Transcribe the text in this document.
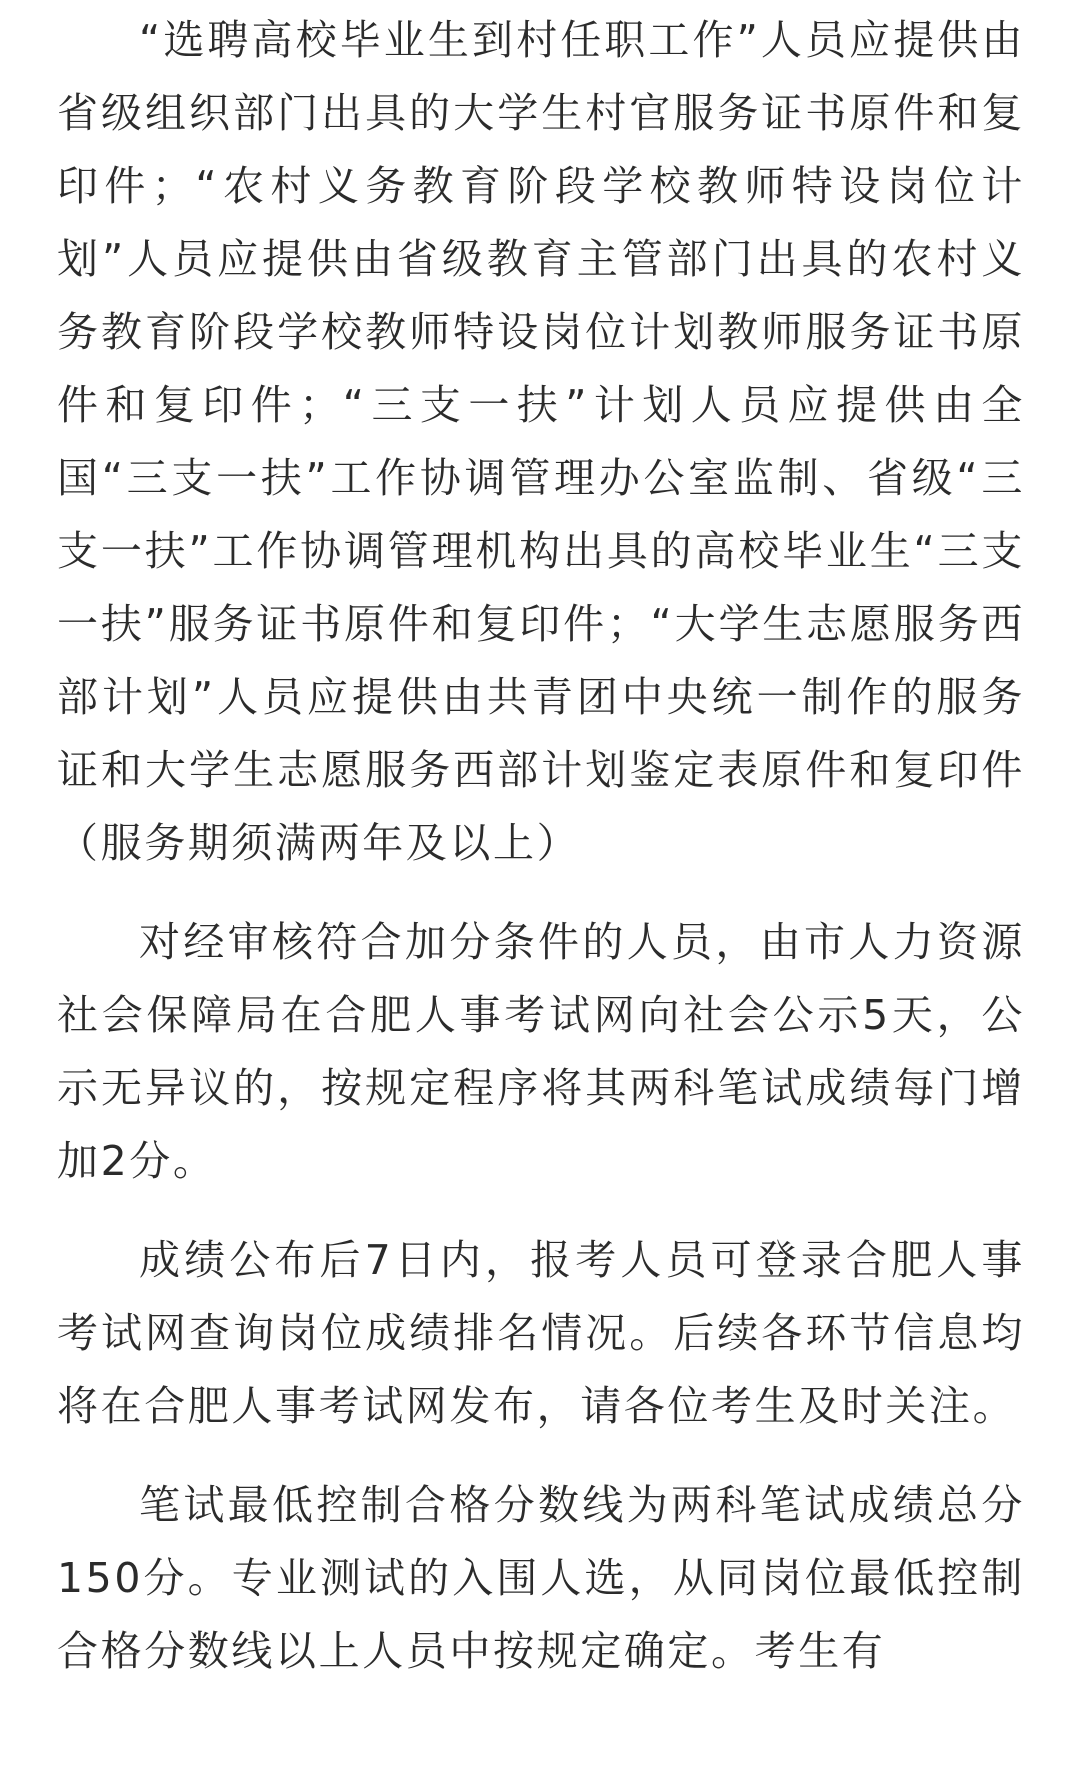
“选聘高校毕业生到村任职工作”人员应提供由省级组织部门出具的大学生村官服务证书原件和复印件；“农村义务教育阶段学校教师特设岗位计划”人员应提供由省级教育主管部门出具的农村义务教育阶段学校教师特设岗位计划教师服务证书原件和复印件；“三支一扶”计划人员应提供由全国“三支一扶”工作协调管理办公室监制、省级“三支一扶”工作协调管理机构出具的高校毕业生“三支一扶”服务证书原件和复印件；“大学生志愿服务西部计划”人员应提供由共青团中央统一制作的服务证和大学生志愿服务西部计划鉴定表原件和复印件（服务期须满两年及以上）

对经审核符合加分条件的人员，由市人力资源社会保障局在合肥人事考试网向社会公示5天，公示无异议的，按规定程序将其两科笔试成绩每门增加2分。

成绩公布后7日内，报考人员可登录合肥人事考试网查询岗位成绩排名情况。后续各环节信息均将在合肥人事考试网发布，请各位考生及时关注。

笔试最低控制合格分数线为两科笔试成绩总分150分。专业测试的入围人选，从同岗位最低控制合格分数线以上人员中按规定确定。考生有
